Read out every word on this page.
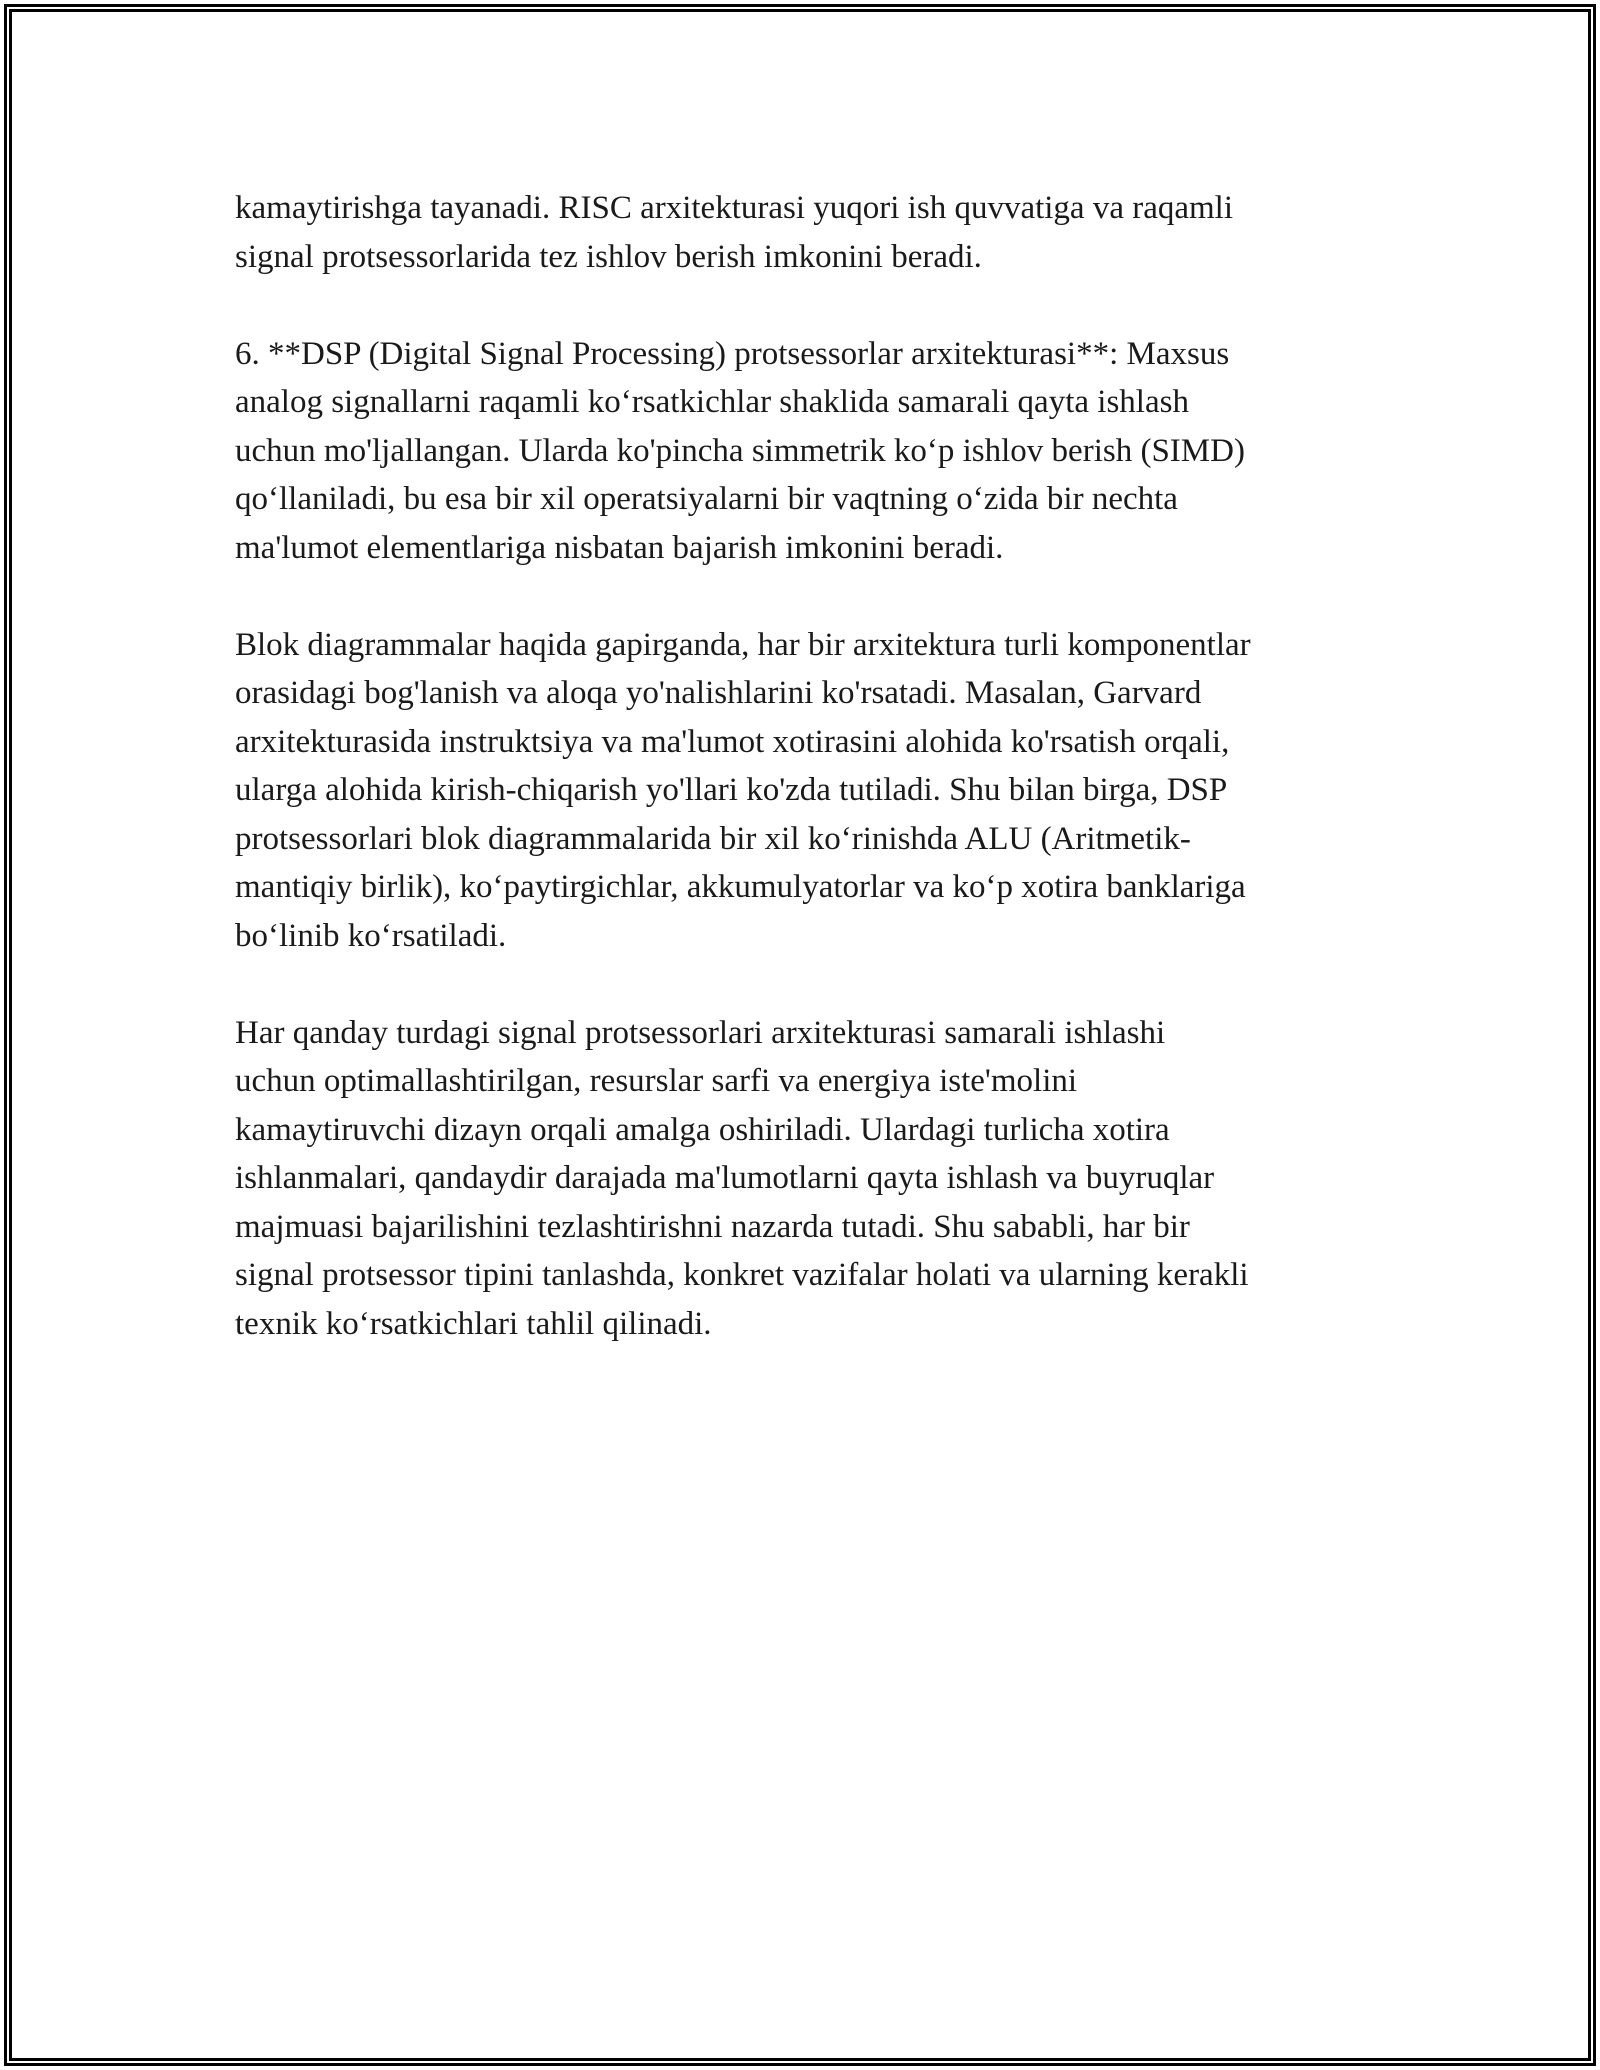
kamaytirishga tayanadi. RISC arxitekturasi yuqori ish quvvatiga va raqamli
signal protsessorlarida tez ishlov berish imkonini beradi.

6. **DSP (Digital Signal Processing) protsessorlar arxitekturasi**: Maxsus
analog signallarni raqamli ko‘rsatkichlar shaklida samarali qayta ishlash
uchun mo'ljallangan. Ularda ko'pincha simmetrik ko‘p ishlov berish (SIMD)
qo‘llaniladi, bu esa bir xil operatsiyalarni bir vaqtning o‘zida bir nechta
ma'lumot elementlariga nisbatan bajarish imkonini beradi.

Blok diagrammalar haqida gapirganda, har bir arxitektura turli komponentlar
orasidagi bog'lanish va aloqa yo'nalishlarini ko'rsatadi. Masalan, Garvard
arxitekturasida instruktsiya va ma'lumot xotirasini alohida ko'rsatish orqali,
ularga alohida kirish-chiqarish yo'llari ko'zda tutiladi. Shu bilan birga, DSP
protsessorlari blok diagrammalarida bir xil ko‘rinishda ALU (Aritmetik-
mantiqiy birlik), ko‘paytirgichlar, akkumulyatorlar va ko‘p xotira banklariga
bo‘linib ko‘rsatiladi.

Har qanday turdagi signal protsessorlari arxitekturasi samarali ishlashi
uchun optimallashtirilgan, resurslar sarfi va energiya iste'molini
kamaytiruvchi dizayn orqali amalga oshiriladi. Ulardagi turlicha xotira
ishlanmalari, qandaydir darajada ma'lumotlarni qayta ishlash va buyruqlar
majmuasi bajarilishini tezlashtirishni nazarda tutadi. Shu sababli, har bir
signal protsessor tipini tanlashda, konkret vazifalar holati va ularning kerakli
texnik ko‘rsatkichlari tahlil qilinadi.
